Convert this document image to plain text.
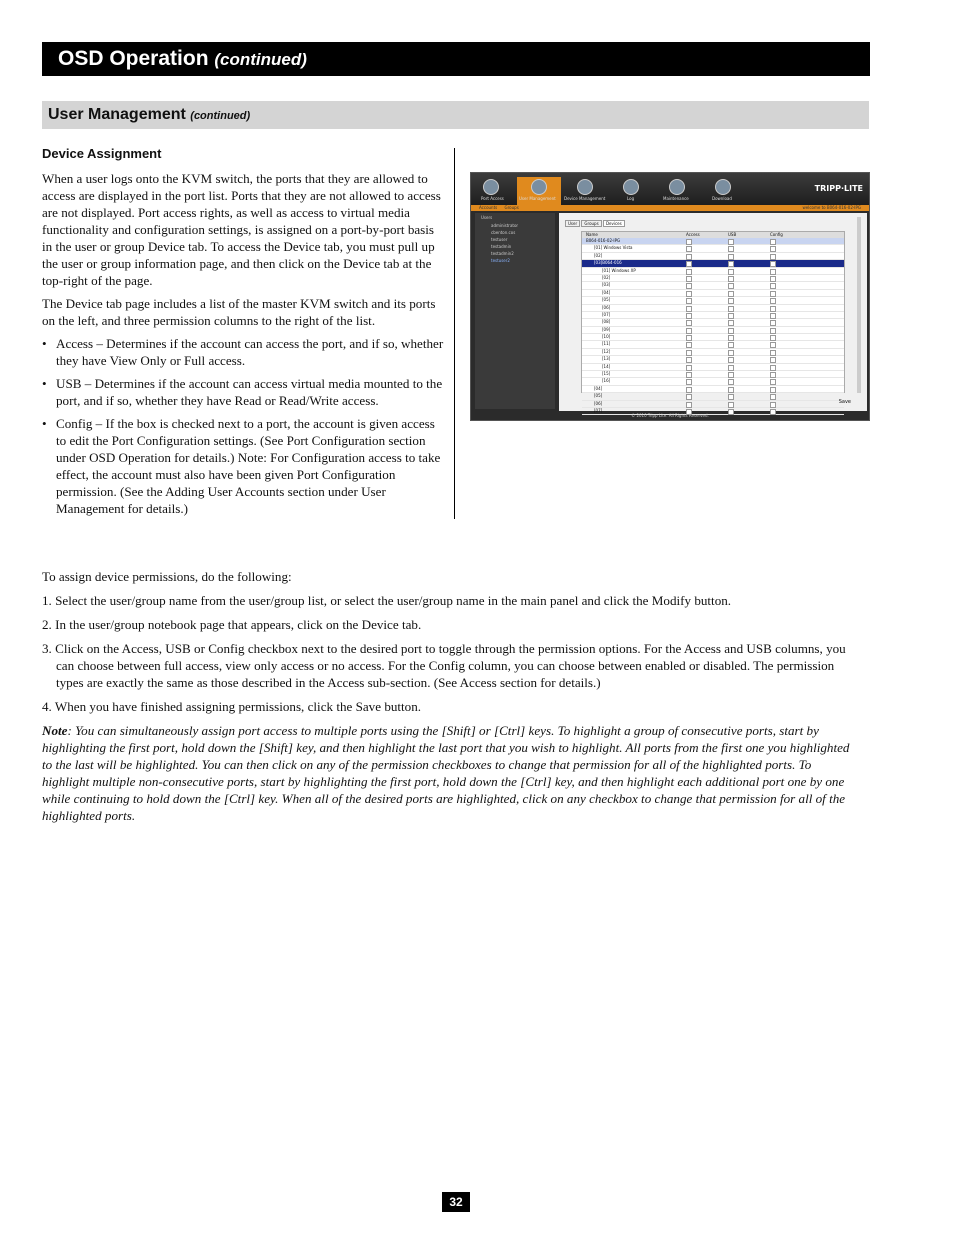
OSD Operation (continued)
User Management (continued)
Device Assignment

When a user logs onto the KVM switch, the ports that they are allowed to access are displayed in the port list. Ports that they are not allowed to access are not displayed. Port access rights, as well as access to virtual media functionality and configuration settings, is assigned on a port-by-port basis in the user or group Device tab. To access the Device tab, you must pull up the user or group information page, and then click on the Device tab at the top-right of the page.

The Device tab page includes a list of the master KVM switch and its ports on the left, and three permission columns to the right of the list.

• Access – Determines if the account can access the port, and if so, whether they have View Only or Full access.
• USB – Determines if the account can access virtual media mounted to the port, and if so, whether they have Read or Read/Write access.
• Config – If the box is checked next to a port, the account is given access to edit the Port Configuration settings. (See Port Configuration section under OSD Operation for details.) Note: For Configuration access to take effect, the account must also have been given Port Configuration permission. (See the Adding User Accounts section under User Management for details.)
Port Access	User Management Device Management	Log	Maintenance	Download
TRIPP·LITE
Accounts Groups	welcome to B064-016-02-IPG
Users
administrator
cbenton.cos
testuser
testadmin
testadmin2
testuser2
User Groups Devices
Name	Access	USB	Config
B064-016-02-IPG
[01] Windows Vista
[02]
[03]B064-016
[01] Windows XP
[02]
[03]
[04]
[05]
[06]
[07]
[08]
[09]
[10]
[11]
[12]
[13]
[14]
[15]
[16]
[04]
[05]
[06]
[07]
Save
© 2010 Tripp Lite. All Rights Reserved.

To assign device permissions, do the following:

1. Select the user/group name from the user/group list, or select the user/group name in the main panel and click the Modify button.

2. In the user/group notebook page that appears, click on the Device tab.

3. Click on the Access, USB or Config checkbox next to the desired port to toggle through the permission options. For the Access and USB columns, you can choose between full access, view only access or no access. For the Config column, you can choose between enabled or disabled. The permission types are exactly the same as those described in the Access sub-section. (See Access section for details.)

4. When you have finished assigning permissions, click the Save button.

Note: You can simultaneously assign port access to multiple ports using the [Shift] or [Ctrl] keys. To highlight a group of consecutive ports, start by highlighting the first port, hold down the [Shift] key, and then highlight the last port that you wish to highlight. All ports from the first one you highlighted to the last will be highlighted. You can then click on any of the permission checkboxes to change that permission for all of the highlighted ports. To highlight multiple non-consecutive ports, start by highlighting the first port, hold down the [Ctrl] key, and then highlight each additional port one by one while continuing to hold down the [Ctrl] key. When all of the desired ports are highlighted, click on any checkbox to change that permission for all of the highlighted ports.

32
